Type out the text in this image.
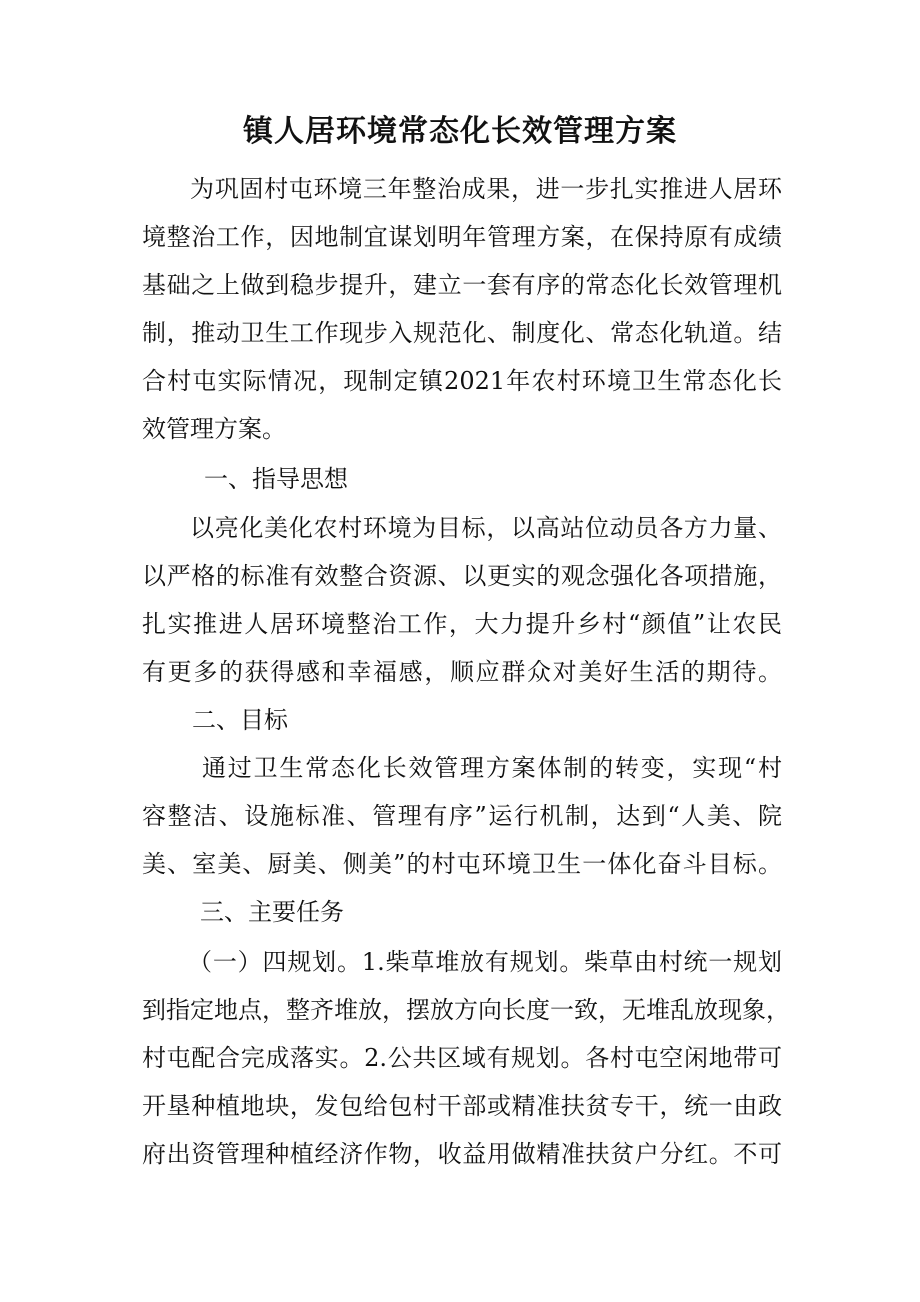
镇人居环境常态化长效管理方案

为巩固村屯环境三年整治成果，进一步扎实推进人居环

境整治工作，因地制宜谋划明年管理方案，在保持原有成绩

基础之上做到稳步提升，建立一套有序的常态化长效管理机

制，推动卫生工作现步入规范化、制度化、常态化轨道。结

合村屯实际情况，现制定镇2021年农村环境卫生常态化长

效管理方案。

一、指导思想

以亮化美化农村环境为目标，以高站位动员各方力量、

以严格的标准有效整合资源、以更实的观念强化各项措施，

扎实推进人居环境整治工作，大力提升乡村“颜值”让农民

有更多的获得感和幸福感，顺应群众对美好生活的期待。

二、目标

通过卫生常态化长效管理方案体制的转变，实现“村

容整洁、设施标准、管理有序”运行机制，达到“人美、院

美、室美、厨美、侧美”的村屯环境卫生一体化奋斗目标。

三、主要任务

（一）四规划。1.柴草堆放有规划。柴草由村统一规划

到指定地点，整齐堆放，摆放方向长度一致，无堆乱放现象，

村屯配合完成落实。2.公共区域有规划。各村屯空闲地带可

开垦种植地块，发包给包村干部或精准扶贫专干，统一由政

府出资管理种植经济作物，收益用做精准扶贫户分红。不可
